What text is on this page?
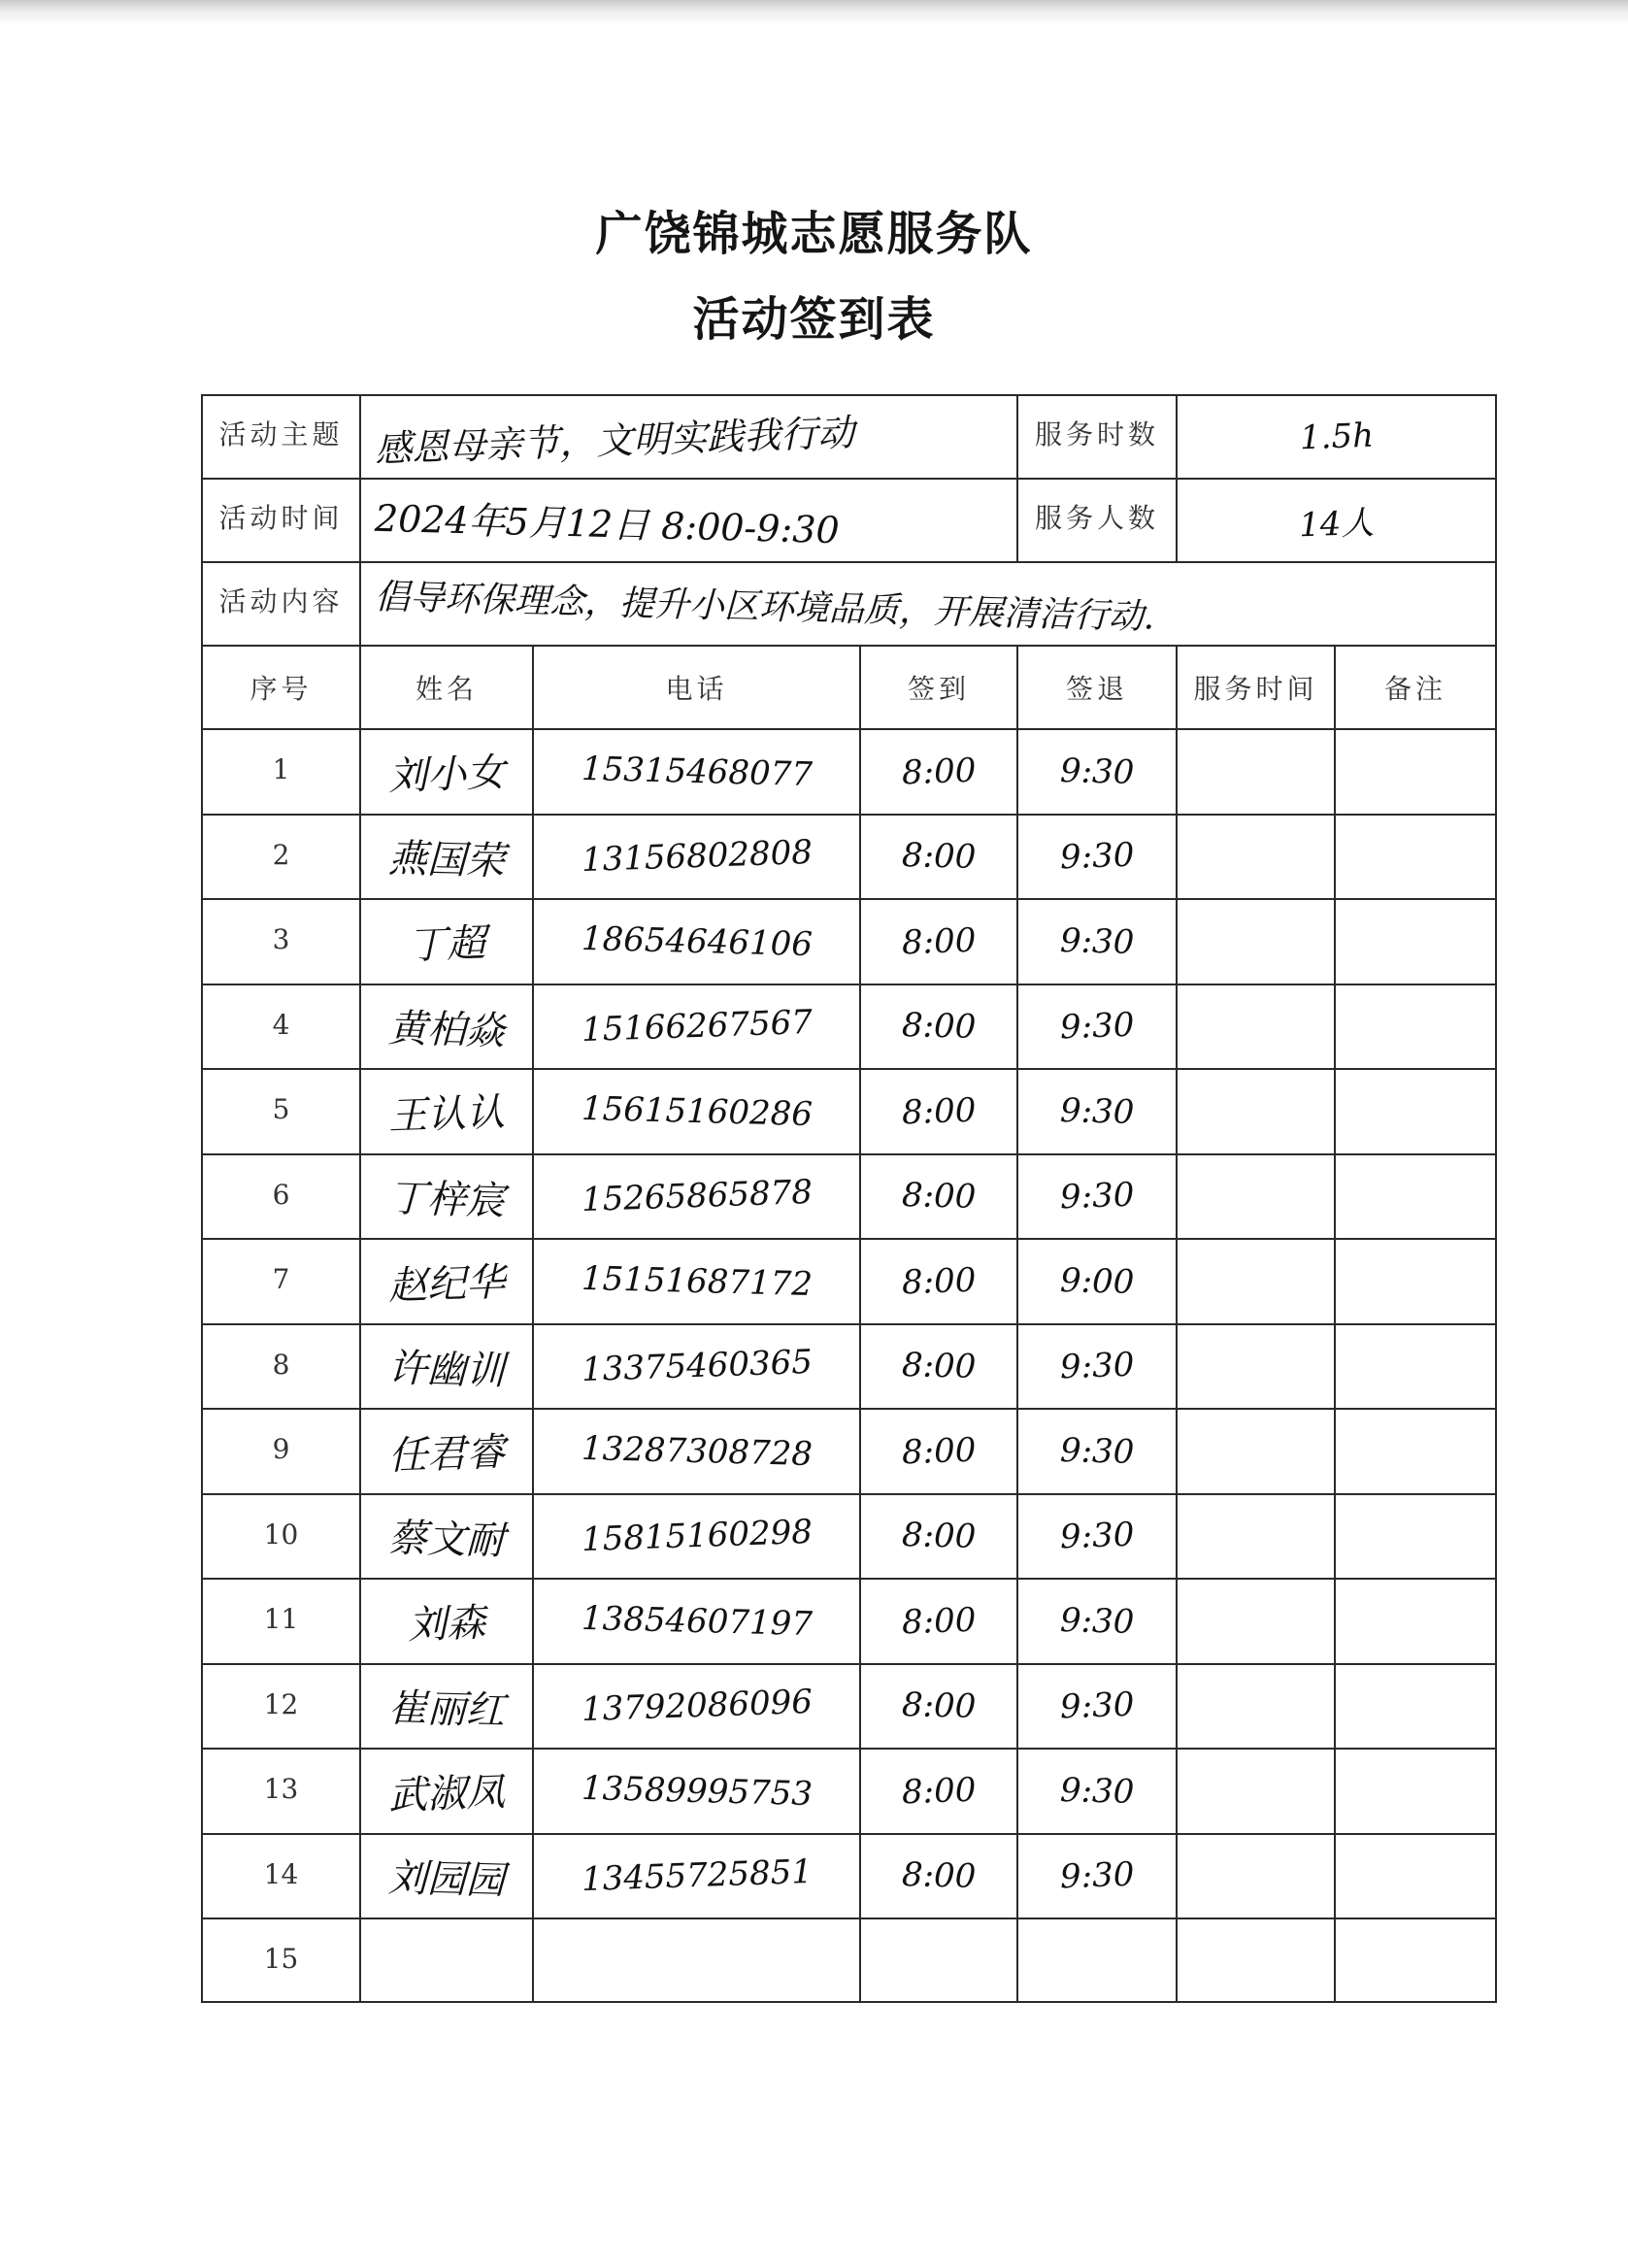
广饶锦城志愿服务队
活动签到表
活动主题	感恩母亲节，文明实践我行动			服务时数	1.5h	
活动时间	2024年5月12日 8:00-9:30			服务人数	14人	
活动内容	倡导环保理念，提升小区环境品质，开展清洁行动.					
序号	姓名	电话	签到	签退	服务时间	备注
1	刘小女	15315468077	8:00	9:30		
2	燕国荣	13156802808	8:00	9:30		
3	丁超	18654646106	8:00	9:30		
4	黄柏焱	15166267567	8:00	9:30		
5	王认认	15615160286	8:00	9:30		
6	丁梓宸	15265865878	8:00	9:30		
7	赵纪华	15151687172	8:00	9:00		
8	许幽训	13375460365	8:00	9:30		
9	任君睿	13287308728	8:00	9:30		
10	蔡文耐	15815160298	8:00	9:30		
11	刘森	13854607197	8:00	9:30		
12	崔丽红	13792086096	8:00	9:30		
13	武淑凤	13589995753	8:00	9:30		
14	刘园园	13455725851	8:00	9:30		
15						
